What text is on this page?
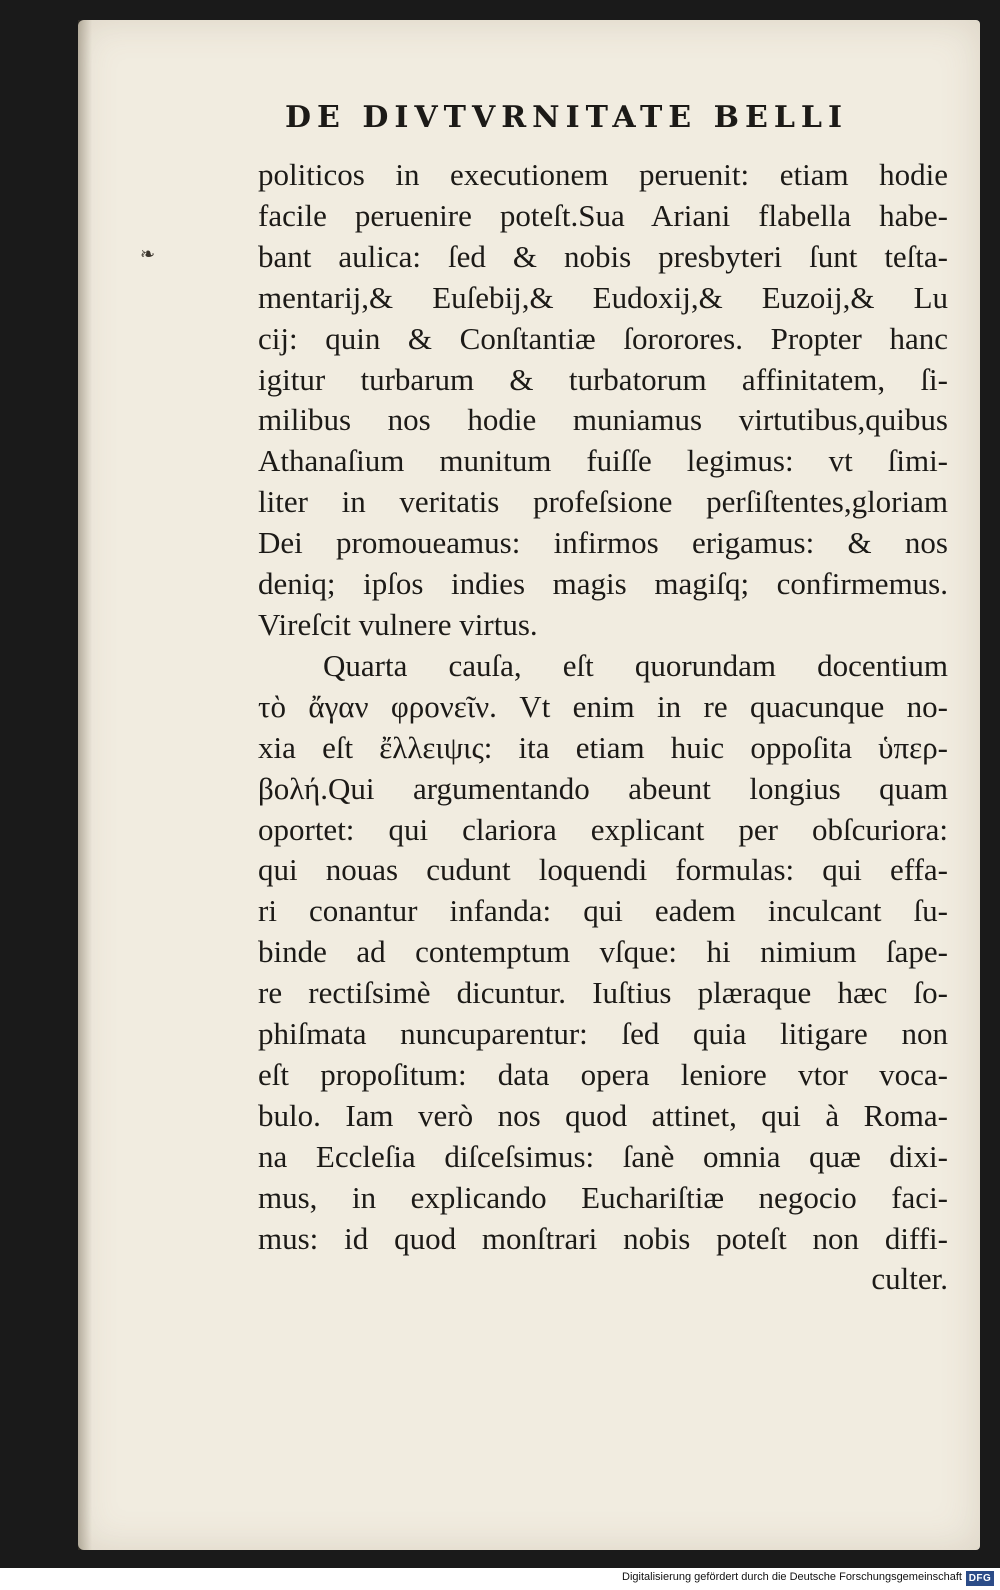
DE DIVTVRNITATE BELLI
❧
politicos in executionem peruenit: etiam hodie
facile peruenire poteſt.Sua Ariani flabella habe-
bant aulica: ſed & nobis presbyteri ſunt teſta-
mentarij,& Euſebij,& Eudoxij,& Euzoij,& Lu
cij: quin & Conſtantiæ ſororores. Propter hanc
igitur turbarum & turbatorum affinitatem, ſi-
milibus nos hodie muniamus virtutibus,quibus
Athanaſium munitum fuiſſe legimus: vt ſimi-
liter in veritatis profeſsione perſiſtentes,gloriam
Dei promoueamus: infirmos erigamus: & nos
deniq; ipſos indies magis magiſq; confirmemus.
Vireſcit vulnere virtus.
Quarta cauſa, eſt quorundam docentium
τὸ ἄγαν φρονεῖν. Vt enim in re quacunque no-
xia eſt ἔλλειψις: ita etiam huic oppoſita ὑπερ-
βολή.Qui argumentando abeunt longius quam
oportet: qui clariora explicant per obſcuriora:
qui nouas cudunt loquendi formulas: qui effa-
ri conantur infanda: qui eadem inculcant ſu-
binde ad contemptum vſque: hi nimium ſape-
re rectiſsimè dicuntur. Iuſtius plæraque hæc ſo-
phiſmata nuncuparentur: ſed quia litigare non
eſt propoſitum: data opera leniore vtor voca-
bulo. Iam verò nos quod attinet, qui à Roma-
na Eccleſia diſceſsimus: ſanè omnia quæ dixi-
mus, in explicando Euchariſtiæ negocio faci-
mus: id quod monſtrari nobis poteſt non diffi-
culter.
Digitalisierung gefördert durch die Deutsche Forschungsgemeinschaft DFG
